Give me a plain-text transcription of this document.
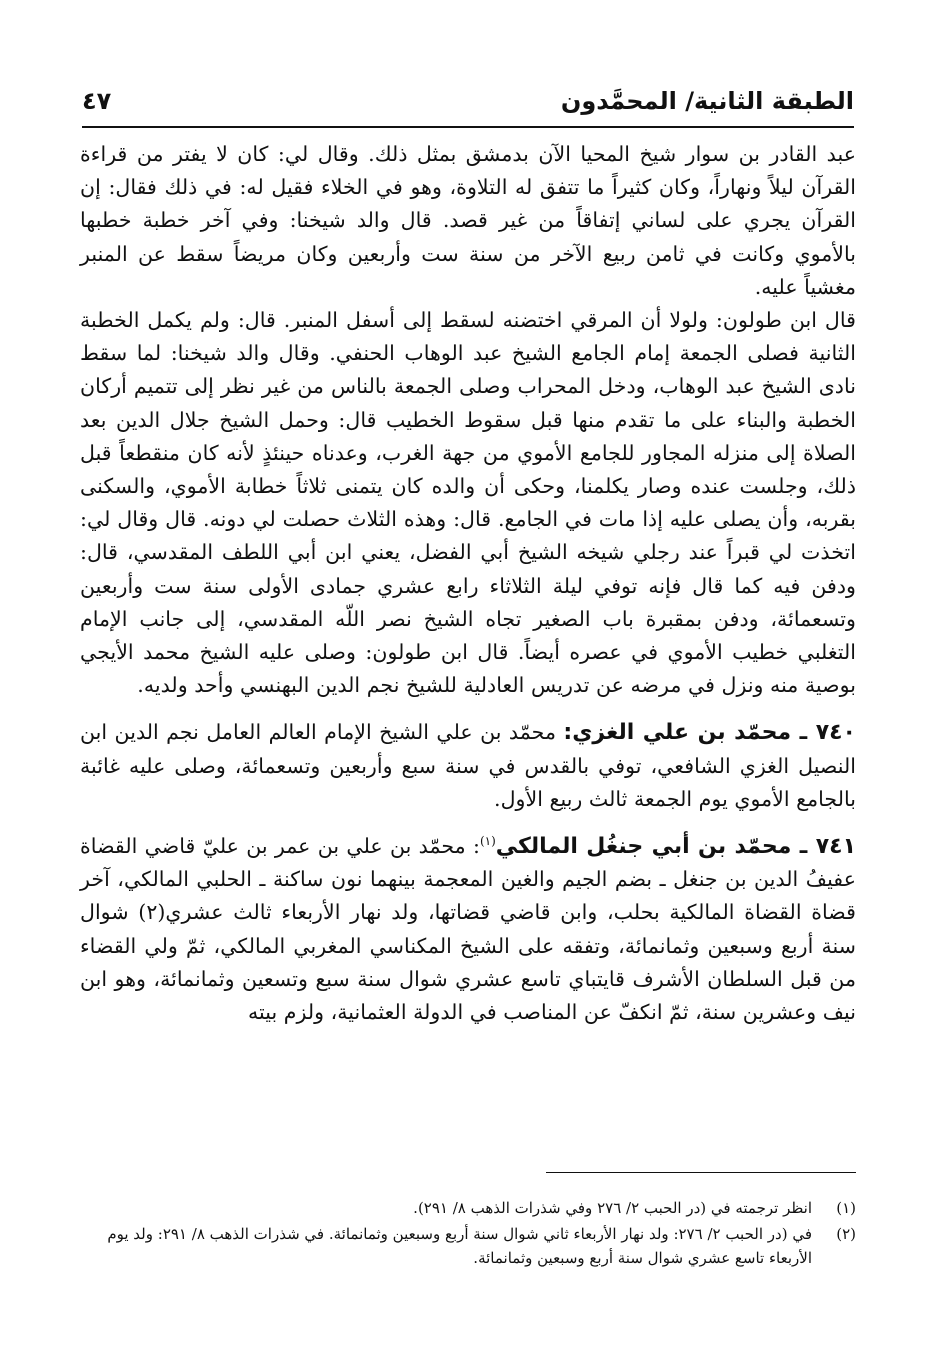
الطبقة الثانية/ المحمَّدون
٤٧

عبد القادر بن سوار شيخ المحيا الآن بدمشق بمثل ذلك. وقال لي: كان لا يفتر من قراءة القرآن ليلاً ونهاراً، وكان كثيراً ما تتفق له التلاوة، وهو في الخلاء فقيل له: في ذلك فقال: إن القرآن يجري على لساني إتفاقاً من غير قصد. قال والد شيخنا: وفي آخر خطبة خطبها بالأموي وكانت في ثامن ربيع الآخر من سنة ست وأربعين وكان مريضاً سقط عن المنبر مغشياً عليه.

قال ابن طولون: ولولا أن المرقي اختضنه لسقط إلى أسفل المنبر. قال: ولم يكمل الخطبة الثانية فصلى الجمعة إمام الجامع الشيخ عبد الوهاب الحنفي. وقال والد شيخنا: لما سقط نادى الشيخ عبد الوهاب، ودخل المحراب وصلى الجمعة بالناس من غير نظر إلى تتميم أركان الخطبة والبناء على ما تقدم منها قبل سقوط الخطيب قال: وحمل الشيخ جلال الدين بعد الصلاة إلى منزله المجاور للجامع الأموي من جهة الغرب، وعدناه حينئذٍ لأنه كان منقطعاً قبل ذلك، وجلست عنده وصار يكلمنا، وحكى أن والده كان يتمنى ثلاثاً خطابة الأموي، والسكنى بقربه، وأن يصلى عليه إذا مات في الجامع. قال: وهذه الثلاث حصلت لي دونه. قال وقال لي: اتخذت لي قبراً عند رجلي شيخه الشيخ أبي الفضل، يعني ابن أبي اللطف المقدسي، قال: ودفن فيه كما قال فإنه توفي ليلة الثلاثاء رابع عشري جمادى الأولى سنة ست وأربعين وتسعمائة، ودفن بمقبرة باب الصغير تجاه الشيخ نصر اللّه المقدسي، إلى جانب الإمام التغلبي خطيب الأموي في عصره أيضاً. قال ابن طولون: وصلى عليه الشيخ محمد الأيجي بوصية منه ونزل في مرضه عن تدريس العادلية للشيخ نجم الدين البهنسي وأحد ولديه.

٧٤٠ ـ محمّد بن علي الغزي: محمّد بن علي الشيخ الإمام العالم العامل نجم الدين ابن النصيل الغزي الشافعي، توفي بالقدس في سنة سبع وأربعين وتسعمائة، وصلى عليه غائبة بالجامع الأموي يوم الجمعة ثالث ربيع الأول.

٧٤١ ـ محمّد بن أبي جنغُل المالكي$^{(١)}$: محمّد بن علي بن عمر بن عليّ قاضي القضاة عفيفُ الدين بن جنغل ـ بضم الجيم والغين المعجمة بينهما نون ساكنة ـ الحلبي المالكي، آخر قضاة القضاة المالكية بحلب، وابن قاضي قضاتها، ولد نهار الأربعاء ثالث عشري(٢) شوال سنة أربع وسبعين وثمانمائة، وتفقه على الشيخ المكناسي المغربي المالكي، ثمّ ولي القضاء من قبل السلطان الأشرف قايتباي تاسع عشري شوال سنة سبع وتسعين وثمانمائة، وهو ابن نيف وعشرين سنة، ثمّ انكفّ عن المناصب في الدولة العثمانية، ولزم بيته

(١)
انظر ترجمته في (در الحبب ٢/ ٢٧٦ وفي شذرات الذهب ٨/ ٢٩١).
(٢)
في (در الحبب ٢/ ٢٧٦: ولد نهار الأربعاء ثاني شوال سنة أربع وسبعين وثمانمائة. في شذرات الذهب ٨/ ٢٩١: ولد يوم الأربعاء تاسع عشري شوال سنة أربع وسبعين وثمانمائة.
